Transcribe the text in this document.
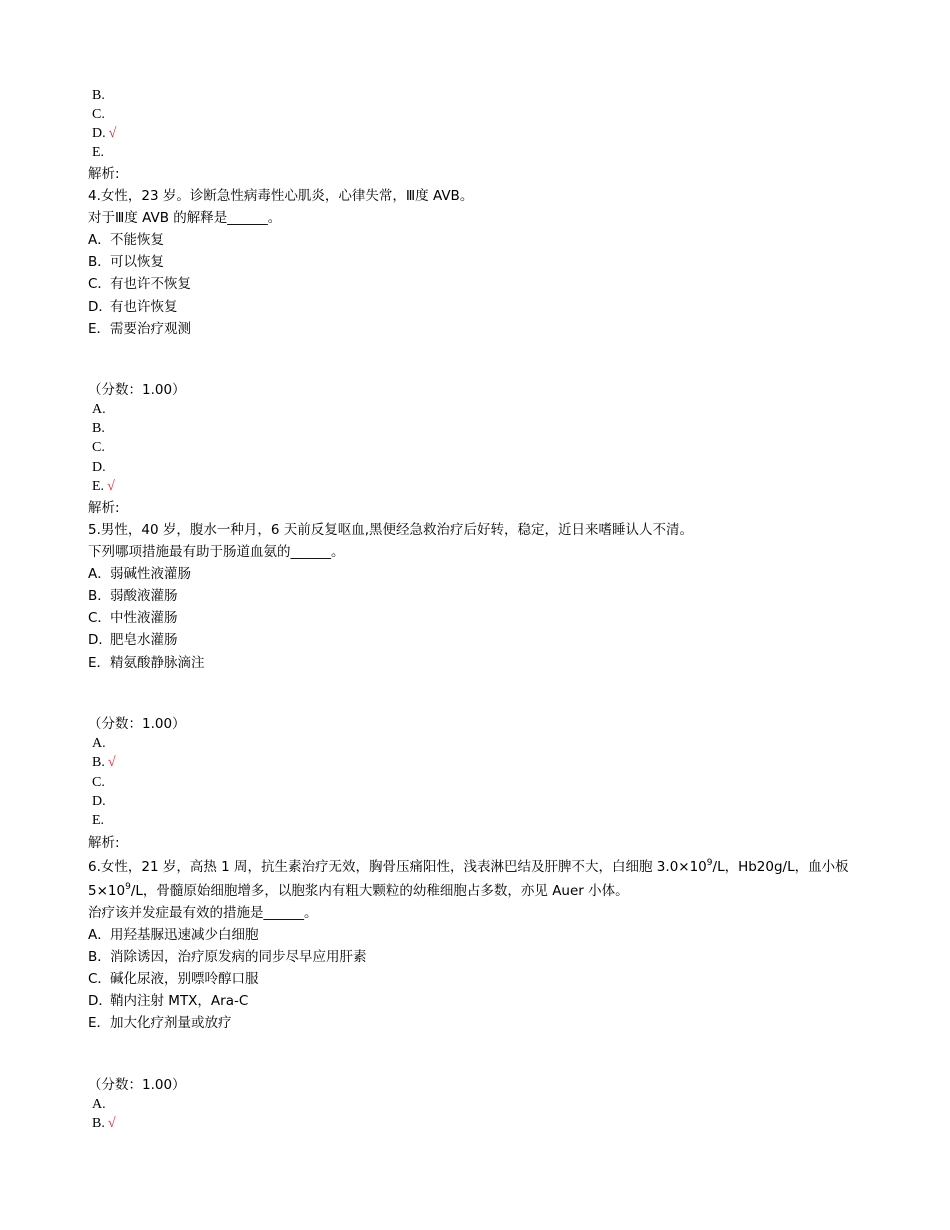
B.
C.
D. √
E.
解析:
4.女性，23 岁。诊断急性病毒性心肌炎，心律失常，Ⅲ度 AVB。
对于Ⅲ度 AVB 的解释是______。
A．不能恢复
B．可以恢复
C．有也许不恢复
D．有也许恢复
E．需要治疗观测
（分数：1.00）
A.
B.
C.
D.
E. √
解析:
5.男性，40 岁，腹水一种月，6 天前反复呕血,黑便经急救治疗后好转，稳定，近日来嗜睡认人不清。
下列哪项措施最有助于肠道血氨的______。
A．弱碱性液灌肠
B．弱酸液灌肠
C．中性液灌肠
D．肥皂水灌肠
E．精氨酸静脉滴注
（分数：1.00）
A.
B. √
C.
D.
E.
解析:
6.女性，21 岁，高热 1 周，抗生素治疗无效，胸骨压痛阳性，浅表淋巴结及肝脾不大，白细胞 $3.0\times 10^9/L$，Hb20g/L，血小板
$5\times 10^9/L$，骨髓原始细胞增多，以胞浆内有粗大颗粒的幼稚细胞占多数，亦见 Auer 小体。
治疗该并发症最有效的措施是______。
A．用羟基脲迅速减少白细胞
B．消除诱因，治疗原发病的同步尽早应用肝素
C．碱化尿液，别嘌呤醇口服
D．鞘内注射 MTX，Ara-C
E．加大化疗剂量或放疗
（分数：1.00）
A.
B. √
